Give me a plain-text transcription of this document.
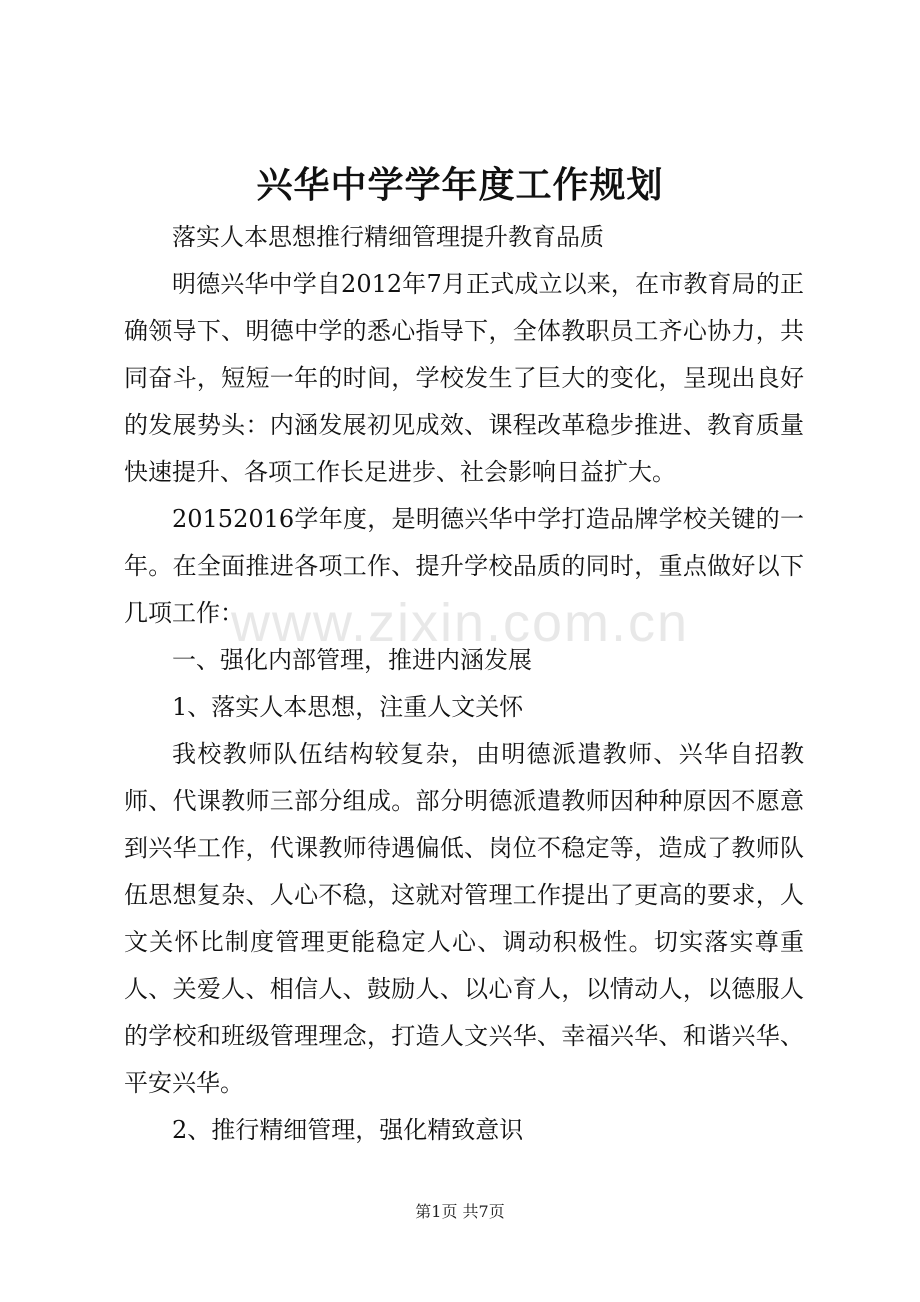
兴华中学学年度工作规划

落实人本思想推行精细管理提升教育品质

明德兴华中学自2012年7月正式成立以来，在市教育局的正确领导下、明德中学的悉心指导下，全体教职员工齐心协力，共同奋斗，短短一年的时间，学校发生了巨大的变化，呈现出良好的发展势头：内涵发展初见成效、课程改革稳步推进、教育质量快速提升、各项工作长足进步、社会影响日益扩大。

20152016学年度，是明德兴华中学打造品牌学校关键的一年。在全面推进各项工作、提升学校品质的同时，重点做好以下几项工作：

一、强化内部管理，推进内涵发展

1、落实人本思想，注重人文关怀

我校教师队伍结构较复杂，由明德派遣教师、兴华自招教师、代课教师三部分组成。部分明德派遣教师因种种原因不愿意到兴华工作，代课教师待遇偏低、岗位不稳定等，造成了教师队伍思想复杂、人心不稳，这就对管理工作提出了更高的要求，人文关怀比制度管理更能稳定人心、调动积极性。切实落实尊重人、关爱人、相信人、鼓励人、以心育人，以情动人，以德服人的学校和班级管理理念，打造人文兴华、幸福兴华、和谐兴华、平安兴华。

2、推行精细管理，强化精致意识

www.zixin.com.cn
第1页 共7页
